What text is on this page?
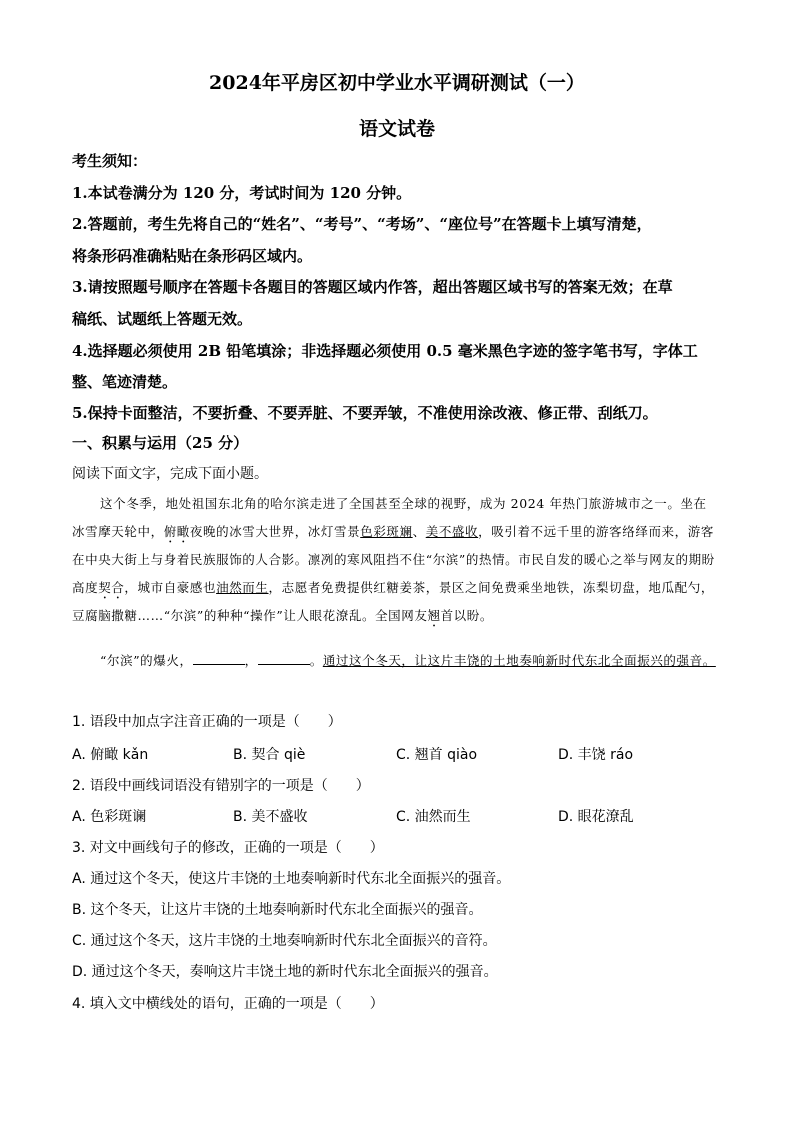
2024年平房区初中学业水平调研测试（一）
语文试卷
考生须知：
1.本试卷满分为 120 分，考试时间为 120 分钟。
2.答题前，考生先将自己的“姓名”、“考号”、“考场”、“座位号”在答题卡上填写清楚，
将条形码准确粘贴在条形码区域内。
3.请按照题号顺序在答题卡各题目的答题区域内作答，超出答题区域书写的答案无效；在草
稿纸、试题纸上答题无效。
4.选择题必须使用 2B 铅笔填涂；非选择题必须使用 0.5 毫米黑色字迹的签字笔书写，字体工
整、笔迹清楚。
5.保持卡面整洁，不要折叠、不要弄脏、不要弄皱，不准使用涂改液、修正带、刮纸刀。
一、积累与运用（25 分）
阅读下面文字，完成下面小题。
这个冬季，地处祖国东北角的哈尔滨走进了全国甚至全球的视野，成为 2024 年热门旅游城市之一。坐在冰雪摩天轮中，俯瞰夜晚的冰雪大世界，冰灯雪景色彩斑斓、美不盛收，吸引着不远千里的游客络绎而来，游客在中央大街上与身着民族服饰的人合影。凛冽的寒风阻挡不住“尔滨”的热情。市民自发的暖心之举与网友的期盼高度契合，城市自豪感也油然而生，志愿者免费提供红糖姜茶，景区之间免费乘坐地铁，冻梨切盘，地瓜配勺，豆腐脑撒糖……“尔滨”的种种“操作”让人眼花潦乱。全国网友翘首以盼。
“尔滨”的爆火，	，	。通过这个冬天，让这片丰饶的土地奏响新时代东北全面振兴的强音。
1. 语段中加点字注音正确的一项是（　　）
A. 俯瞰 kǎn	B. 契合 qiè	C. 翘首 qiào	D. 丰饶 ráo
2. 语段中画线词语没有错别字的一项是（　　）
A. 色彩斑谰	B. 美不盛收	C. 油然而生	D. 眼花潦乱
3. 对文中画线句子的修改，正确的一项是（　　）
A. 通过这个冬天，使这片丰饶的土地奏响新时代东北全面振兴的强音。
B. 这个冬天，让这片丰饶的土地奏响新时代东北全面振兴的强音。
C. 通过这个冬天，这片丰饶的土地奏响新时代东北全面振兴的音符。
D. 通过这个冬天，奏响这片丰饶土地的新时代东北全面振兴的强音。
4. 填入文中横线处的语句，正确的一项是（　　）
